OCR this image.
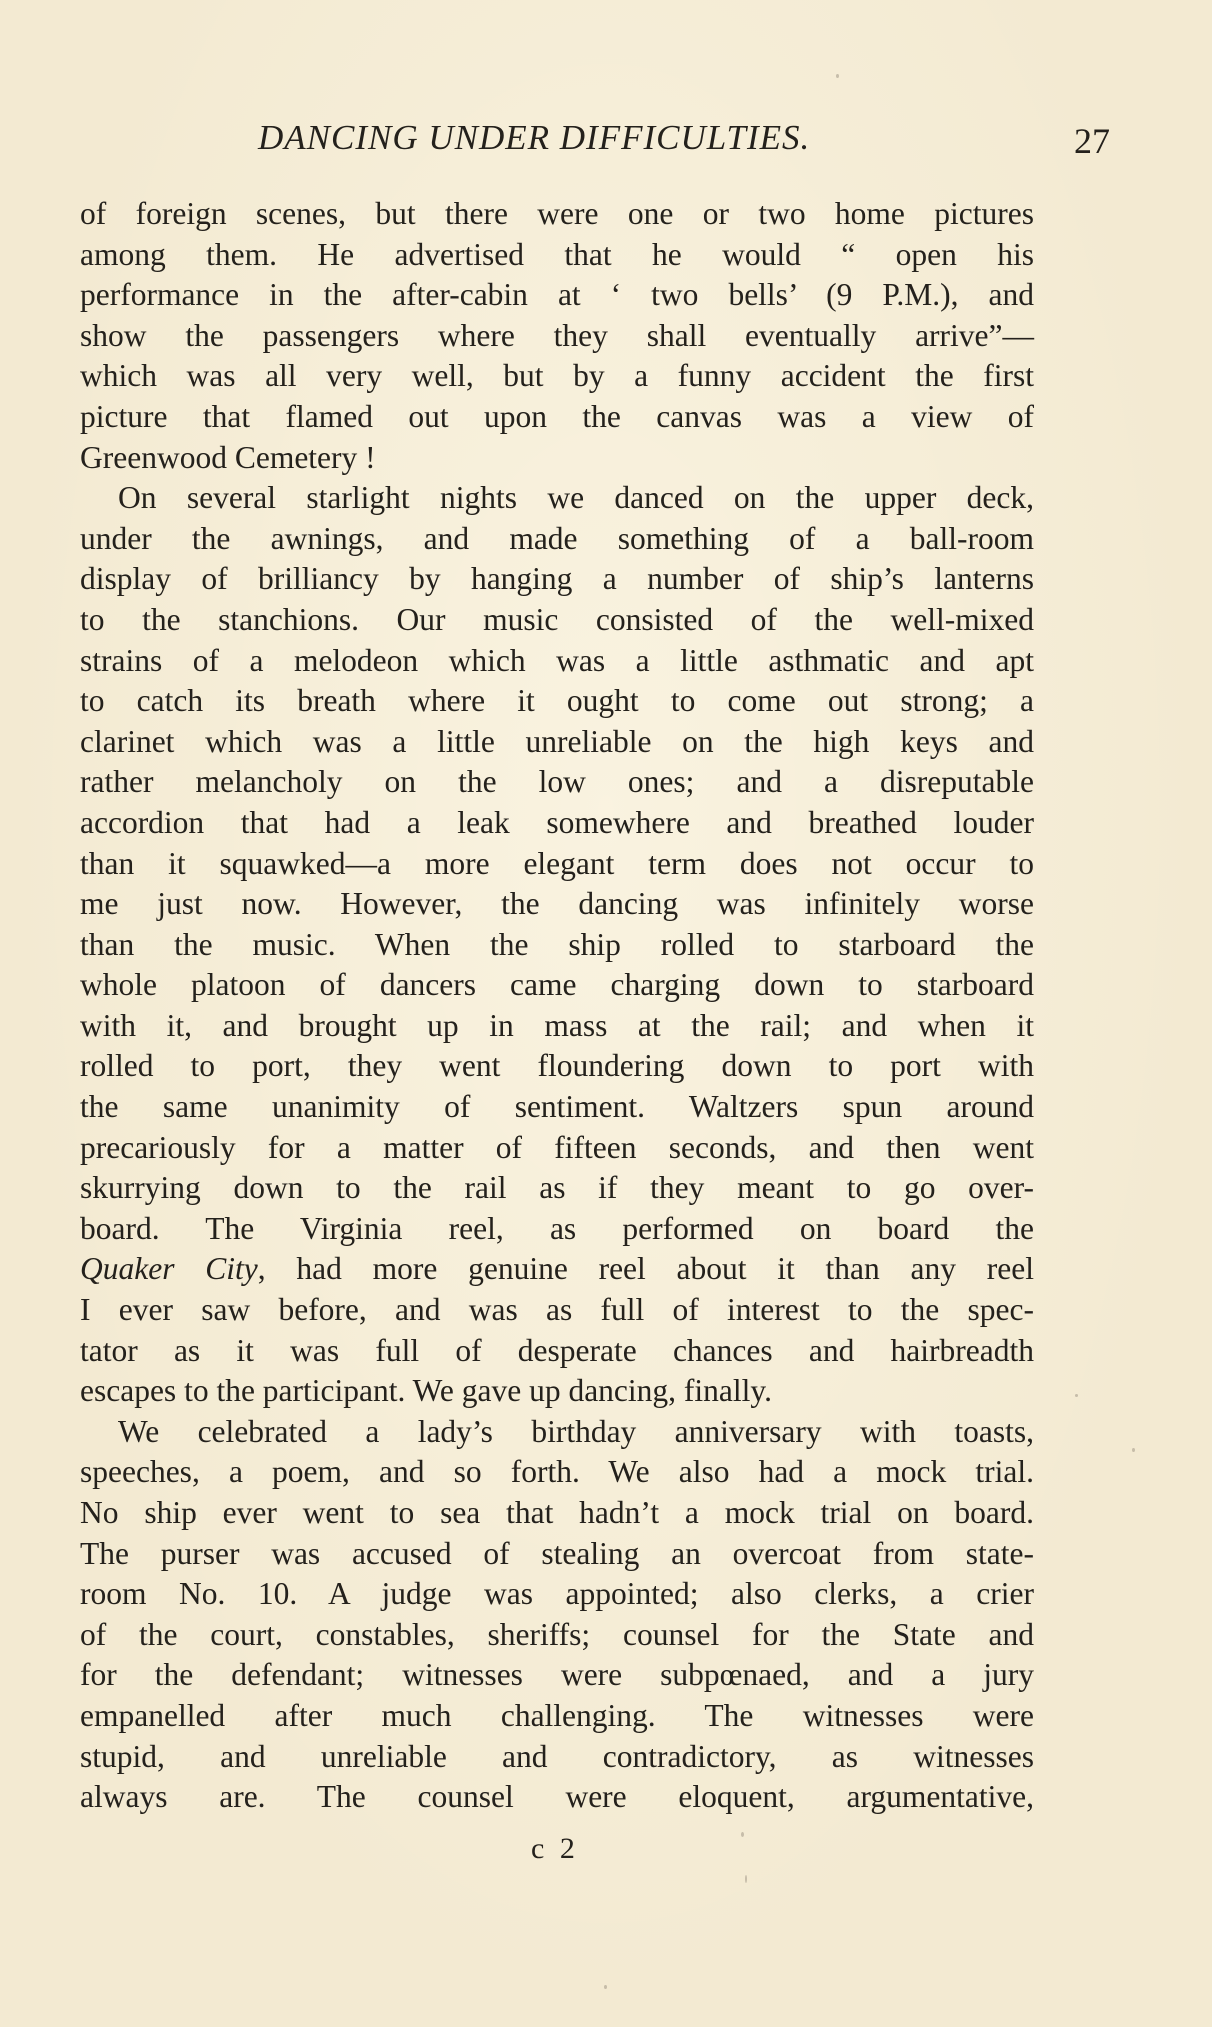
DANCING UNDER DIFFICULTIES.	27
of foreign scenes, but there were one or two home pictures
among them. He advertised that he would “ open his
performance in the after-cabin at ‘ two bells’ (9 P.M.), and
show the passengers where they shall eventually arrive”—
which was all very well, but by a funny accident the first
picture that flamed out upon the canvas was a view of
Greenwood Cemetery !
On several starlight nights we danced on the upper deck,
under the awnings, and made something of a ball-room
display of brilliancy by hanging a number of ship’s lanterns
to the stanchions. Our music consisted of the well-mixed
strains of a melodeon which was a little asthmatic and apt
to catch its breath where it ought to come out strong; a
clarinet which was a little unreliable on the high keys and
rather melancholy on the low ones; and a disreputable
accordion that had a leak somewhere and breathed louder
than it squawked—a more elegant term does not occur to
me just now. However, the dancing was infinitely worse
than the music. When the ship rolled to starboard the
whole platoon of dancers came charging down to starboard
with it, and brought up in mass at the rail; and when it
rolled to port, they went floundering down to port with
the same unanimity of sentiment. Waltzers spun around
precariously for a matter of fifteen seconds, and then went
skurrying down to the rail as if they meant to go over-
board. The Virginia reel, as performed on board the
Quaker City, had more genuine reel about it than any reel
I ever saw before, and was as full of interest to the spec-
tator as it was full of desperate chances and hairbreadth
escapes to the participant. We gave up dancing, finally.
We celebrated a lady’s birthday anniversary with toasts,
speeches, a poem, and so forth. We also had a mock trial.
No ship ever went to sea that hadn’t a mock trial on board.
The purser was accused of stealing an overcoat from state-
room No. 10. A judge was appointed; also clerks, a crier
of the court, constables, sheriffs; counsel for the State and
for the defendant; witnesses were subpœnaed, and a jury
empanelled after much challenging. The witnesses were
stupid, and unreliable and contradictory, as witnesses
always are. The counsel were eloquent, argumentative,
c 2
